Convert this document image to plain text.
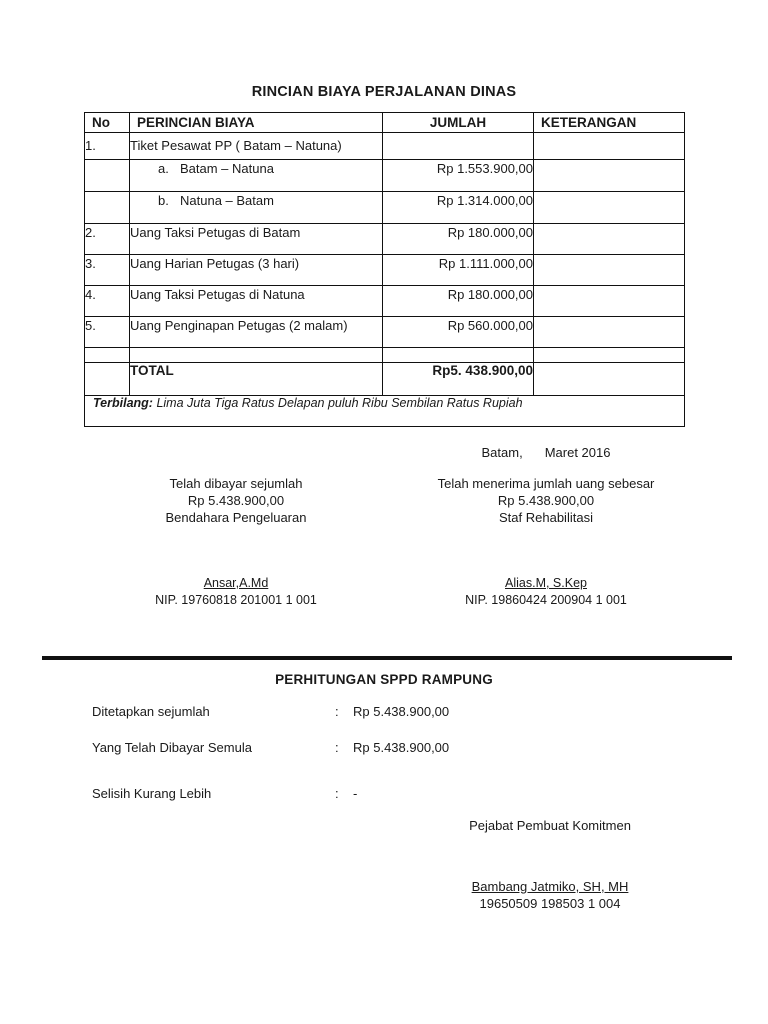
RINCIAN BIAYA PERJALANAN DINAS
No	PERINCIAN BIAYA	JUMLAH	KETERANGAN
1.	Tiket Pesawat PP ( Batam – Natuna)		

	a. Batam – Natuna	Rp 1.553.900,00	

	b. Natuna – Batam	Rp 1.314.000,00	
2.	Uang Taksi Petugas di Batam	Rp 180.000,00	
3.	Uang Harian Petugas (3 hari)	Rp 1.111.000,00	
4.	Uang Taksi Petugas di Natuna	Rp 180.000,00	
5.	Uang Penginapan Petugas (2 malam)	Rp 560.000,00	

	TOTAL	Rp5. 438.900,00	
Terbilang: Lima Juta Tiga Ratus Delapan puluh Ribu Sembilan Ratus Rupiah			
Batam, Maret 2016
Telah dibayar sejumlah
Rp 5.438.900,00
Bendahara Pengeluaran
Telah menerima jumlah uang sebesar
Rp 5.438.900,00
Staf Rehabilitasi
Ansar,A.Md
NIP. 19760818 201001 1 001
Alias.M, S.Kep
NIP. 19860424 200904 1 001
PERHITUNGAN SPPD RAMPUNG
Ditetapkan sejumlah	: Rp 5.438.900,00
Yang Telah Dibayar Semula	: Rp 5.438.900,00
Selisih Kurang Lebih	: -
Pejabat Pembuat Komitmen
Bambang Jatmiko, SH, MH
19650509 198503 1 004
